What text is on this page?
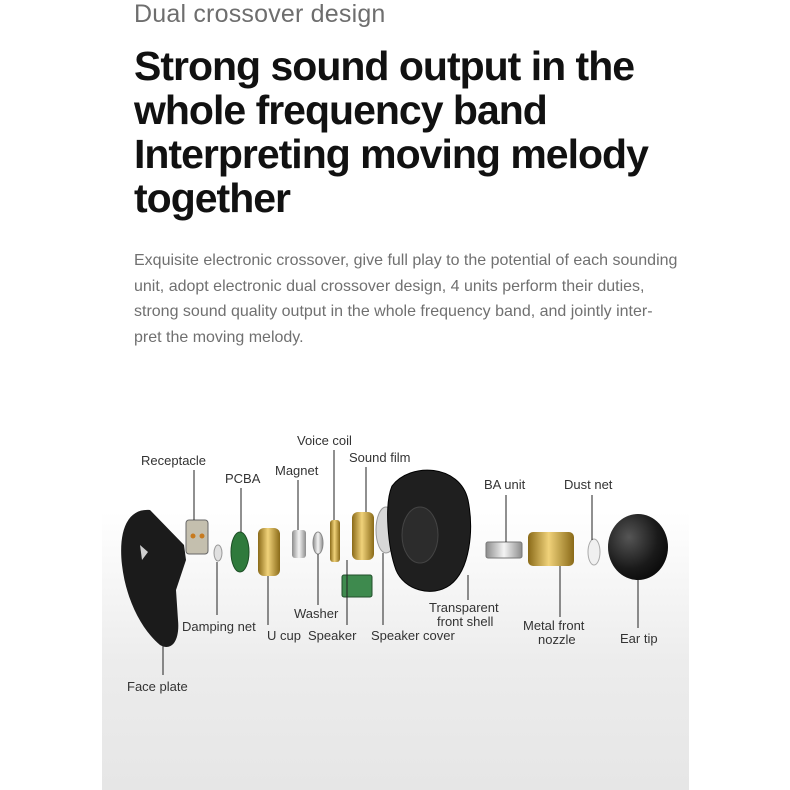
Dual crossover design
Strong sound output in the
whole frequency band
Interpreting moving melody
together
Exquisite electronic crossover, give full play to the potential of each sounding
unit, adopt electronic dual crossover design, 4 units perform their duties,
strong sound quality output in the whole frequency band, and jointly inter-
pret the moving melody.
Voice coil
Receptacle	Sound film
Magnet
PCBA	BA unit	Dust net
Transparent
front shell
Washer
Damping net
U cup Speaker Speaker cover
Metal front
nozzle	Ear tip
Face plate
